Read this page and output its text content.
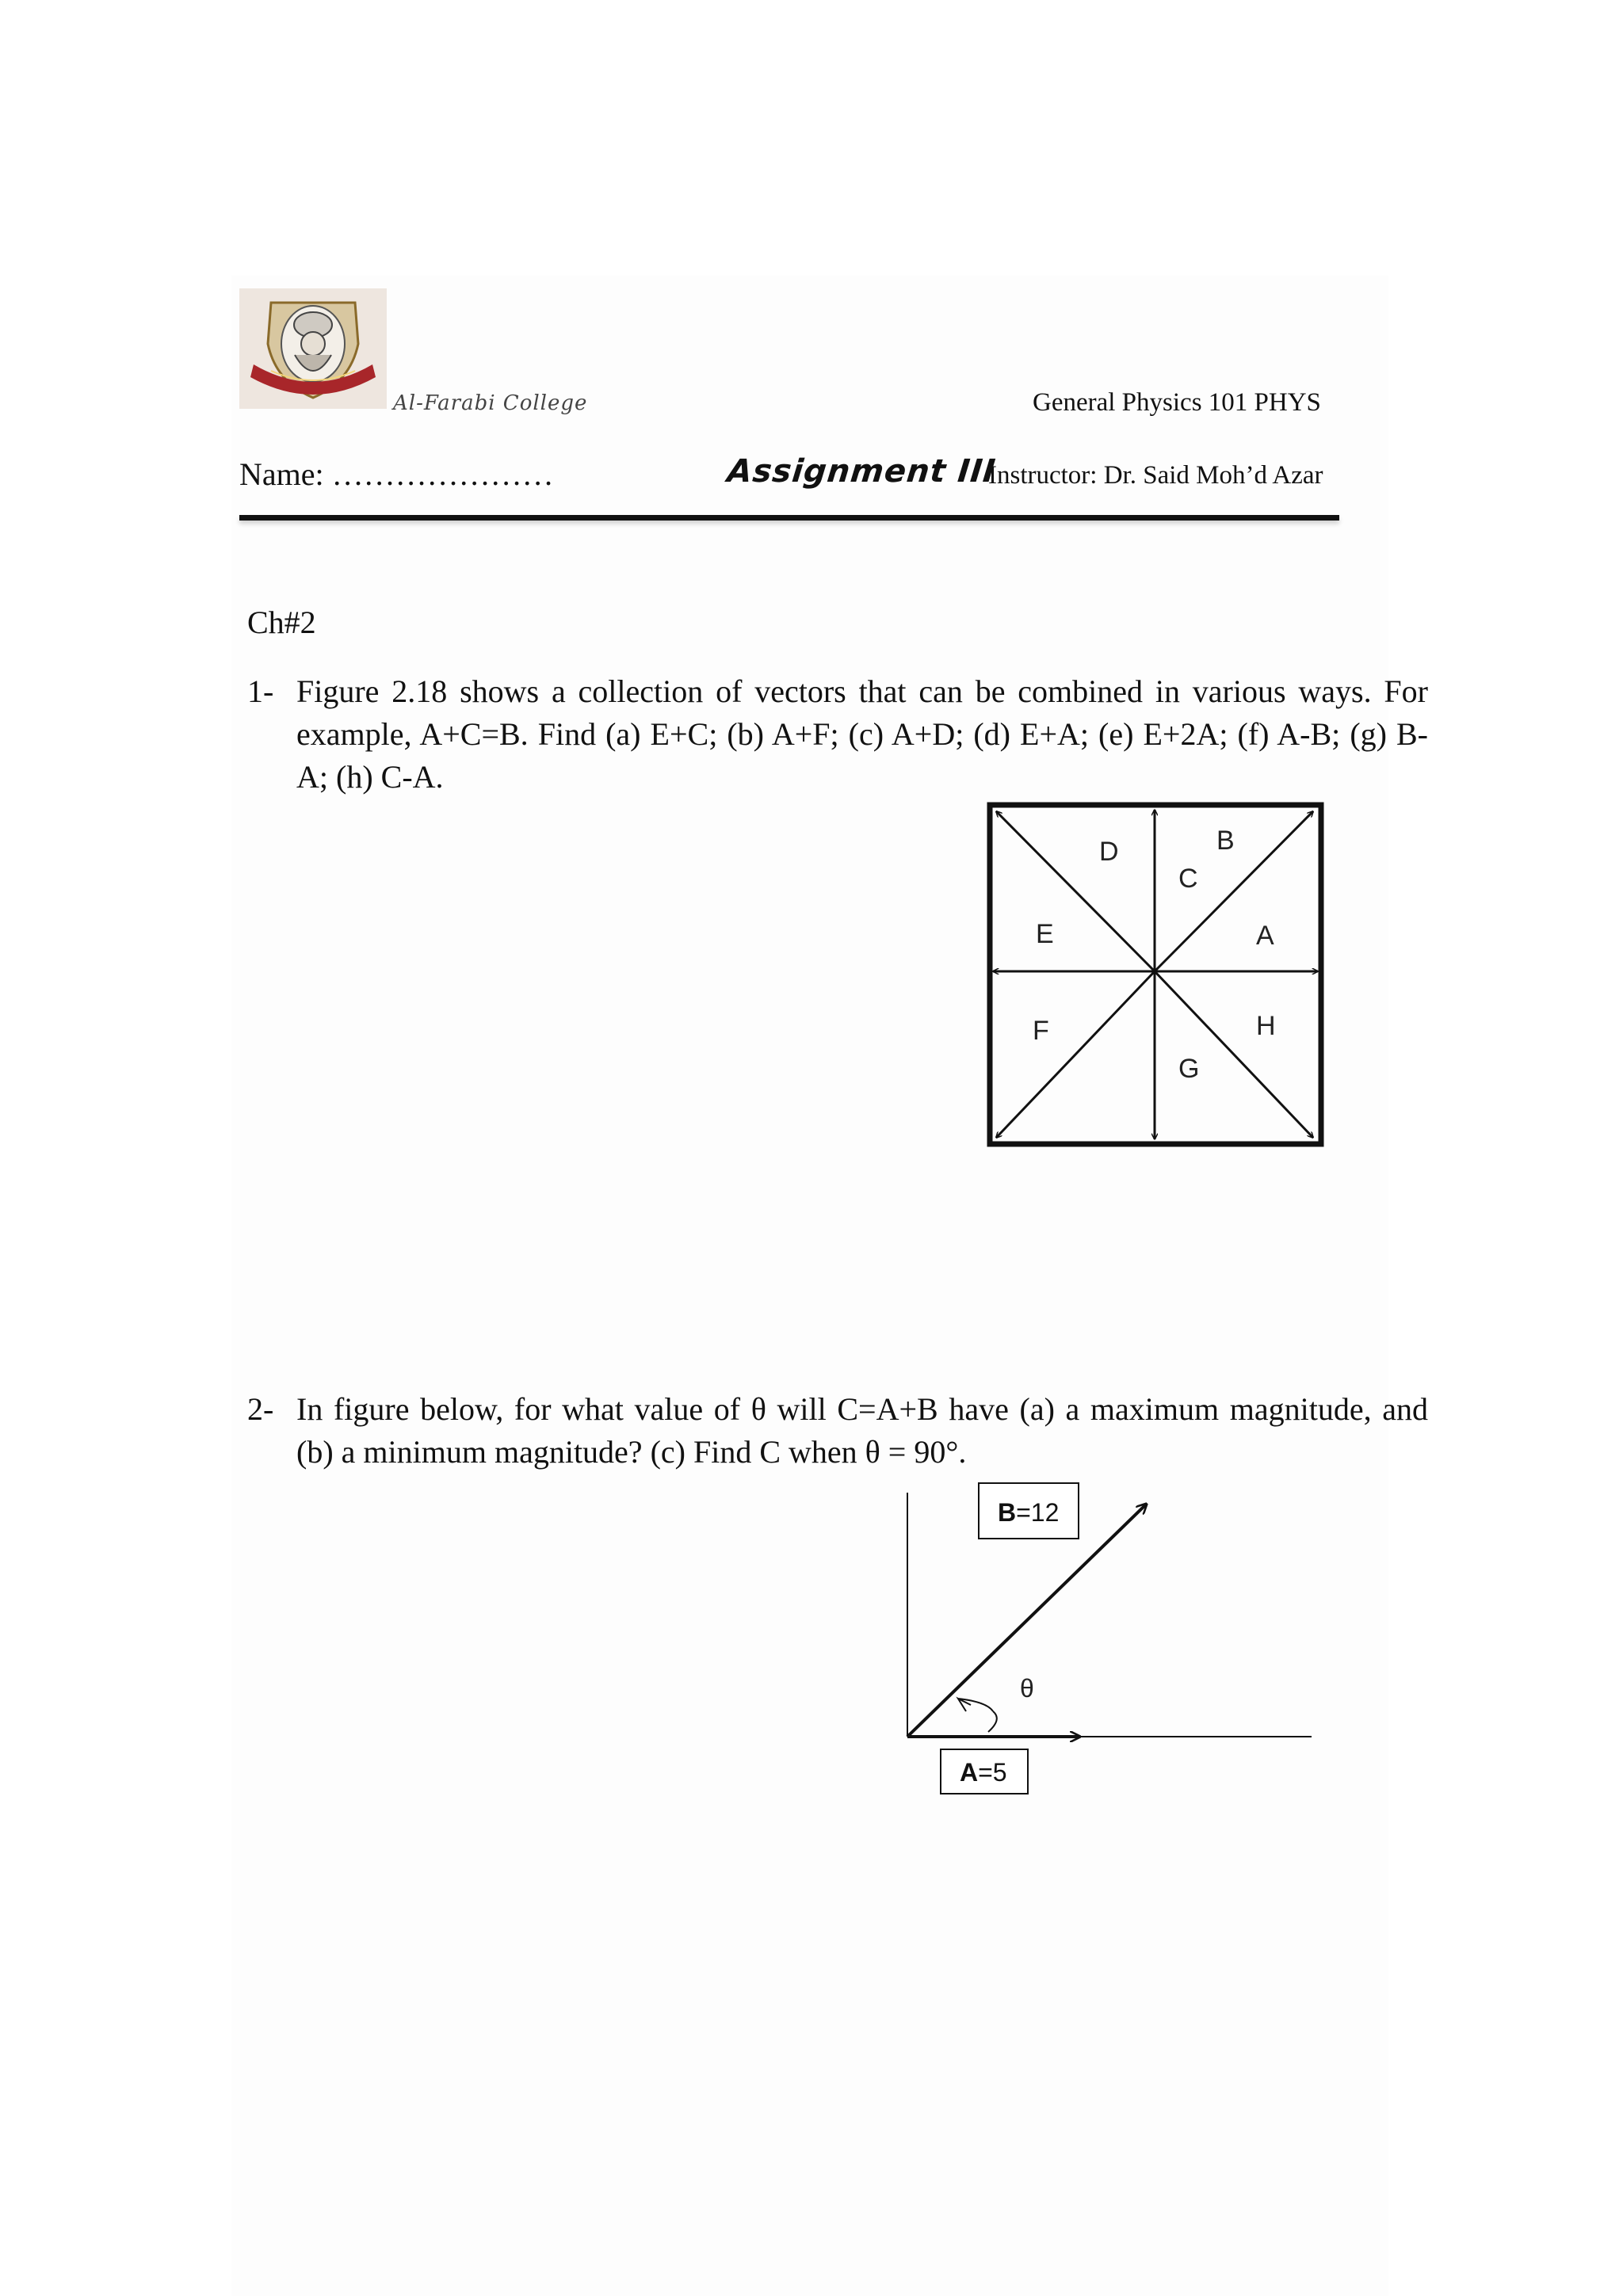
Al-Farabi College	General Physics 101 PHYS
Name: …………………	Assignment III
Instructor: Dr. Said Moh’d Azar
Ch#2
1- Figure 2.18 shows a collection of vectors that can be combined in various ways. For example, A+C=B. Find (a) E+C; (b) A+F; (c) A+D; (d) E+A; (e) E+2A; (f) A-B; (g) B-A; (h) C-A.
D	B
C
E	A
F	H
G
2- In figure below, for what value of θ will C=A+B have (a) a maximum magnitude, and (b) a minimum magnitude? (c) Find C when θ = 90°.
θ
B=12
A=5
